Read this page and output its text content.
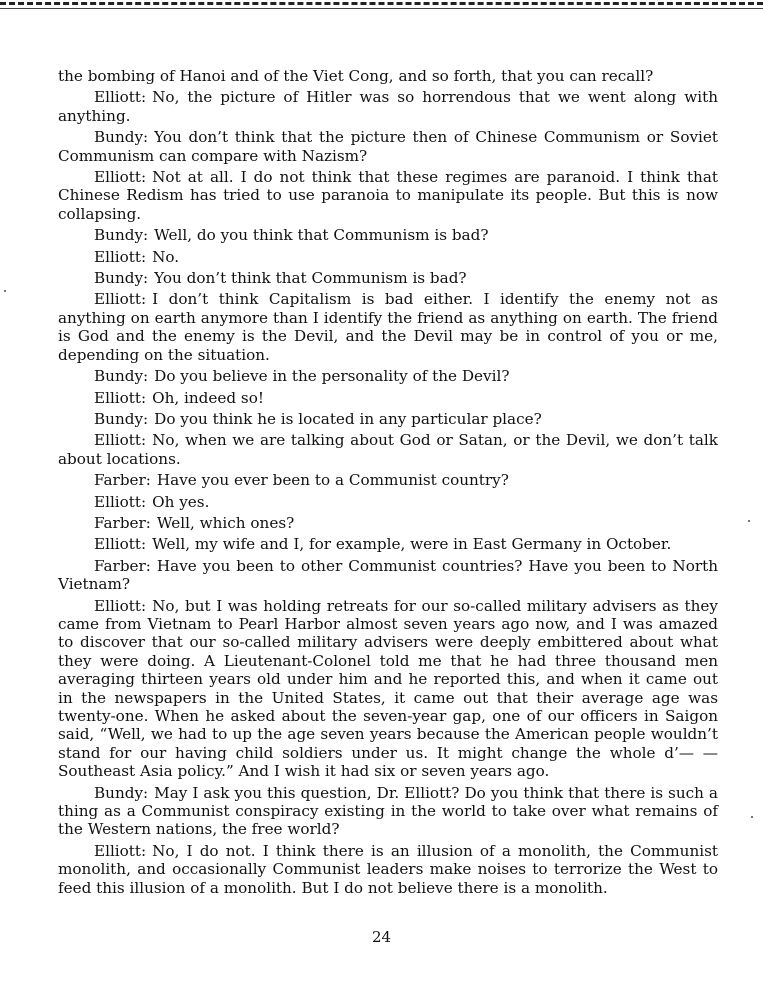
the bombing of Hanoi and of the Viet Cong, and so forth, that you can recall?

Elliott: No, the picture of Hitler was so horrendous that we went along with anything.

Bundy: You don’t think that the picture then of Chinese Communism or Soviet Communism can compare with Nazism?

Elliott: Not at all. I do not think that these regimes are paranoid. I think that Chinese Redism has tried to use paranoia to manipulate its people. But this is now collapsing.

Bundy: Well, do you think that Communism is bad?

Elliott: No.

Bundy: You don’t think that Communism is bad?

Elliott: I don’t think Capitalism is bad either. I identify the enemy not as anything on earth anymore than I identify the friend as anything on earth. The friend is God and the enemy is the Devil, and the Devil may be in control of you or me, depending on the situation.

Bundy: Do you believe in the personality of the Devil?

Elliott: Oh, indeed so!

Bundy: Do you think he is located in any particular place?

Elliott: No, when we are talking about God or Satan, or the Devil, we don’t talk about locations.

Farber: Have you ever been to a Communist country?

Elliott: Oh yes.

Farber: Well, which ones?

Elliott: Well, my wife and I, for example, were in East Germany in October.

Farber: Have you been to other Communist countries? Have you been to North Vietnam?

Elliott: No, but I was holding retreats for our so-called military advisers as they came from Vietnam to Pearl Harbor almost seven years ago now, and I was amazed to discover that our so-called military advisers were deeply embittered about what they were doing. A Lieutenant-Colonel told me that he had three thousand men averaging thirteen years old under him and he reported this, and when it came out in the newspapers in the United States, it came out that their average age was twenty-one. When he asked about the seven-year gap, one of our officers in Saigon said, “Well, we had to up the age seven years because the American people wouldn’t stand for our having child soldiers under us. It might change the whole d’— — Southeast Asia policy.” And I wish it had six or seven years ago.

Bundy: May I ask you this question, Dr. Elliott? Do you think that there is such a thing as a Communist conspiracy existing in the world to take over what remains of the Western nations, the free world?

Elliott: No, I do not. I think there is an illusion of a monolith, the Communist monolith, and occasionally Communist leaders make noises to terrorize the West to feed this illusion of a monolith. But I do not believe there is a monolith.

24
